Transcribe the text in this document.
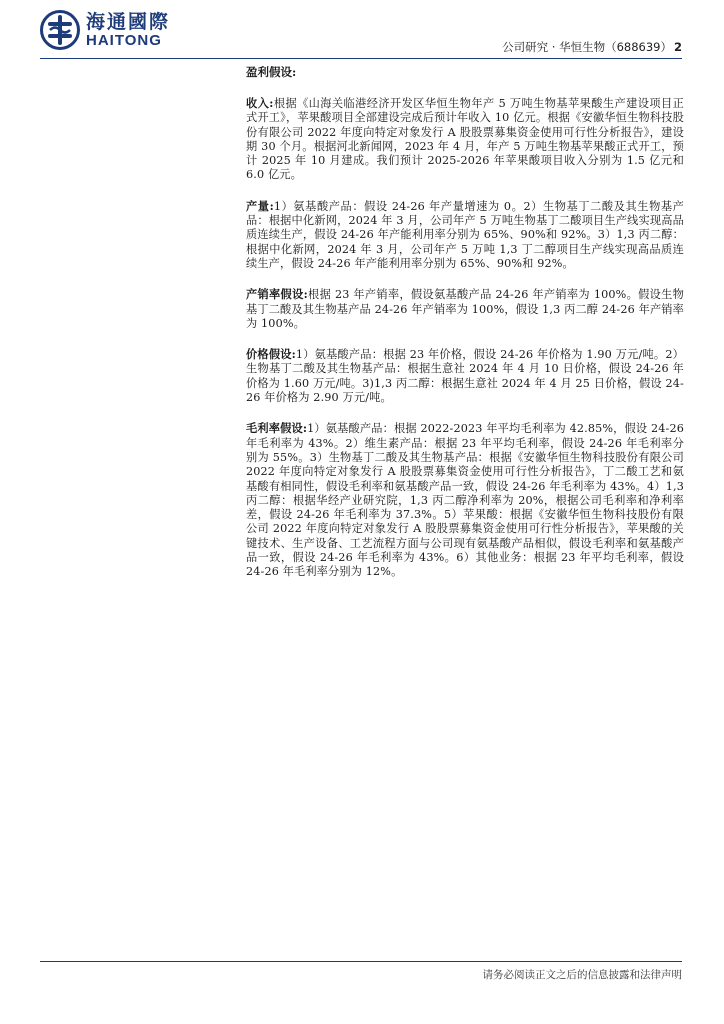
海通國際
HAITONG	公司研究 · 华恒生物（688639） 2
盈利假设:

收入:根据《山海关临港经济开发区华恒生物年产 5 万吨生物基苹果酸生产建设项目正式开工》，苹果酸项目全部建设完成后预计年收入 10 亿元。根据《安徽华恒生物科技股份有限公司 2022 年度向特定对象发行 A 股股票募集资金使用可行性分析报告》，建设期 30 个月。根据河北新闻网，2023 年 4 月，年产 5 万吨生物基苹果酸正式开工，预计 2025 年 10 月建成。我们预计 2025-2026 年苹果酸项目收入分别为 1.5 亿元和 6.0 亿元。

产量:1）氨基酸产品：假设 24-26 年产量增速为 0。2）生物基丁二酸及其生物基产品：根据中化新网，2024 年 3 月，公司年产 5 万吨生物基丁二酸项目生产线实现高品质连续生产，假设 24-26 年产能利用率分别为 65%、90%和 92%。3）1,3 丙二醇：根据中化新网，2024 年 3 月，公司年产 5 万吨 1,3 丁二醇项目生产线实现高品质连续生产，假设 24-26 年产能利用率分别为 65%、90%和 92%。

产销率假设:根据 23 年产销率，假设氨基酸产品 24-26 年产销率为 100%。假设生物基丁二酸及其生物基产品 24-26 年产销率为 100%，假设 1,3 丙二醇 24-26 年产销率为 100%。

价格假设:1）氨基酸产品：根据 23 年价格，假设 24-26 年价格为 1.90 万元/吨。2）生物基丁二酸及其生物基产品：根据生意社 2024 年 4 月 10 日价格，假设 24-26 年价格为 1.60 万元/吨。3)1,3 丙二醇：根据生意社 2024 年 4 月 25 日价格，假设 24-26 年价格为 2.90 万元/吨。

毛利率假设:1）氨基酸产品：根据 2022-2023 年平均毛利率为 42.85%，假设 24-26 年毛利率为 43%。2）维生素产品：根据 23 年平均毛利率，假设 24-26 年毛利率分别为 55%。3）生物基丁二酸及其生物基产品：根据《安徽华恒生物科技股份有限公司 2022 年度向特定对象发行 A 股股票募集资金使用可行性分析报告》，丁二酸工艺和氨基酸有相同性，假设毛利率和氨基酸产品一致，假设 24-26 年毛利率为 43%。4）1,3 丙二醇：根据华经产业研究院，1,3 丙二醇净利率为 20%，根据公司毛利率和净利率差，假设 24-26 年毛利率为 37.3%。5）苹果酸：根据《安徽华恒生物科技股份有限公司 2022 年度向特定对象发行 A 股股票募集资金使用可行性分析报告》，苹果酸的关键技术、生产设备、工艺流程方面与公司现有氨基酸产品相似，假设毛利率和氨基酸产品一致，假设 24-26 年毛利率为 43%。6）其他业务：根据 23 年平均毛利率，假设 24-26 年毛利率分别为 12%。

请务必阅读正文之后的信息披露和法律声明
